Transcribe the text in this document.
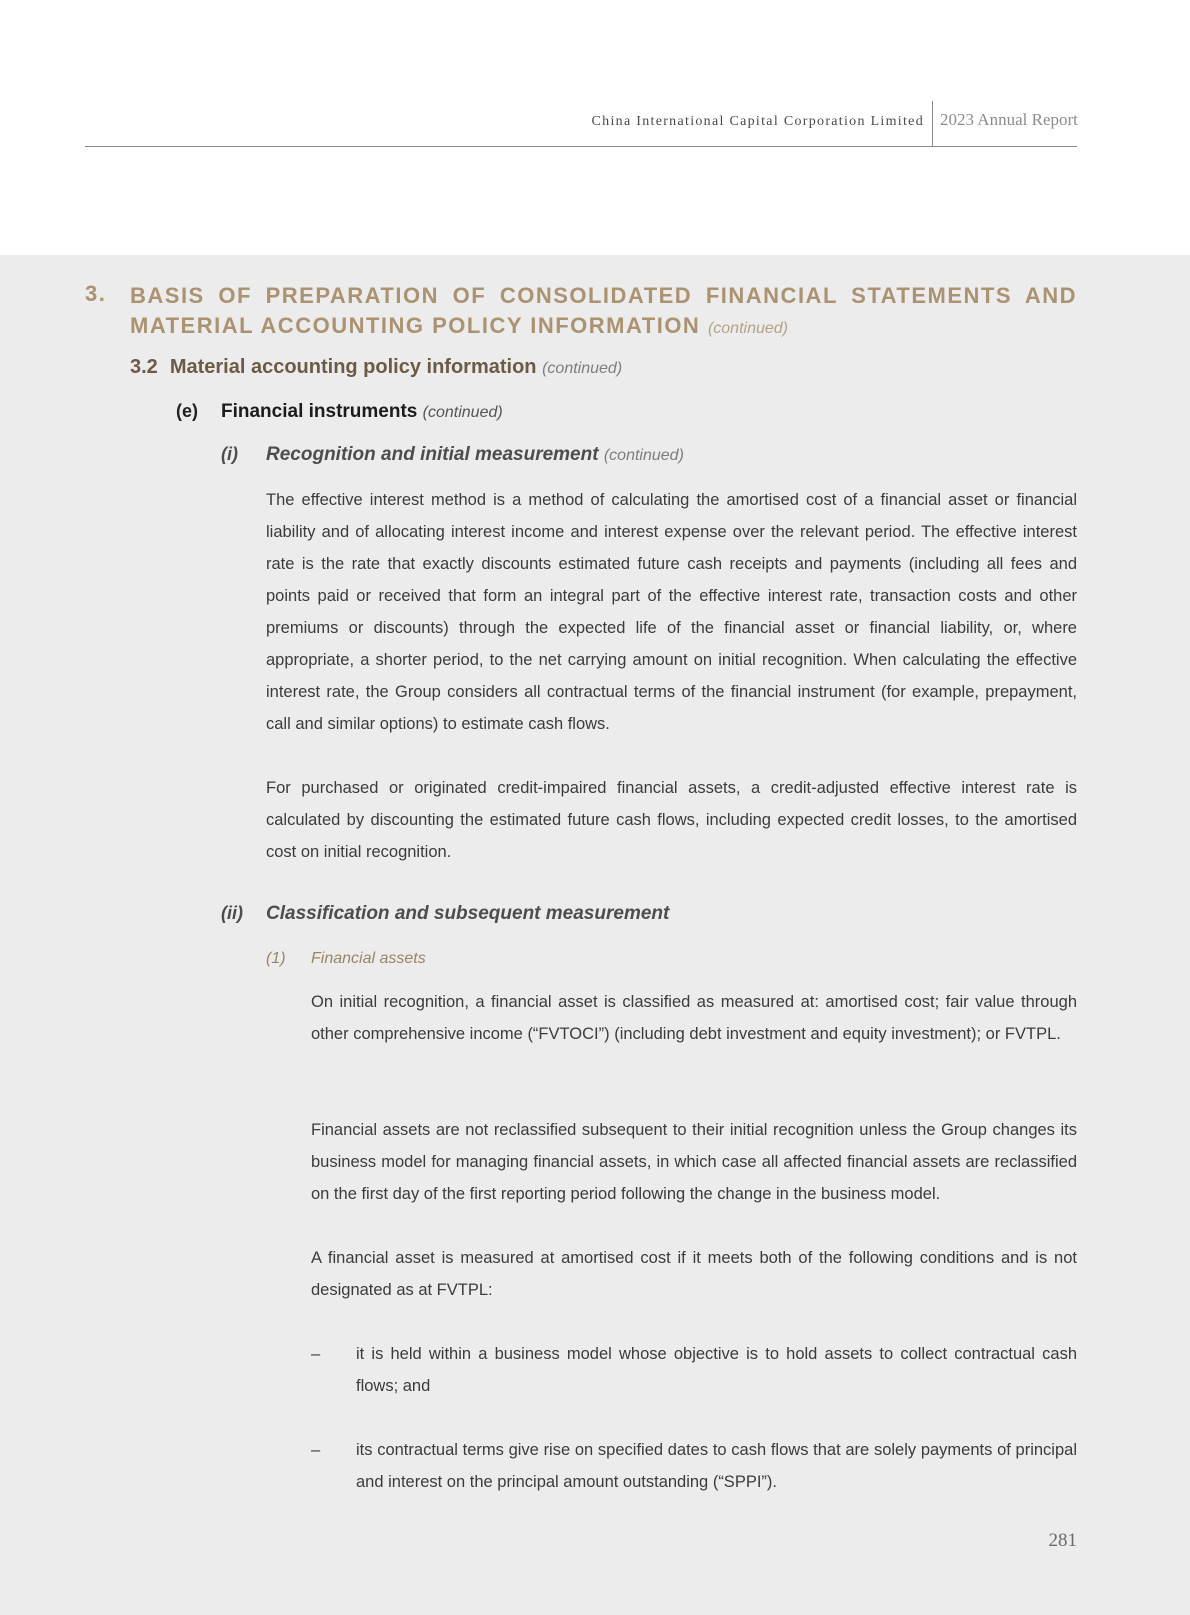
China International Capital Corporation Limited 2023 Annual Report
3. BASIS OF PREPARATION OF CONSOLIDATED FINANCIAL STATEMENTS AND MATERIAL ACCOUNTING POLICY INFORMATION (continued)
3.2 Material accounting policy information (continued)
(e) Financial instruments (continued)
(i) Recognition and initial measurement (continued)

The effective interest method is a method of calculating the amortised cost of a financial asset or financial liability and of allocating interest income and interest expense over the relevant period. The effective interest rate is the rate that exactly discounts estimated future cash receipts and payments (including all fees and points paid or received that form an integral part of the effective interest rate, transaction costs and other premiums or discounts) through the expected life of the financial asset or financial liability, or, where appropriate, a shorter period, to the net carrying amount on initial recognition. When calculating the effective interest rate, the Group considers all contractual terms of the financial instrument (for example, prepayment, call and similar options) to estimate cash flows.

For purchased or originated credit-impaired financial assets, a credit-adjusted effective interest rate is calculated by discounting the estimated future cash flows, including expected credit losses, to the amortised cost on initial recognition.

(ii) Classification and subsequent measurement
(1) Financial assets

On initial recognition, a financial asset is classified as measured at: amortised cost; fair value through other comprehensive income (“FVTOCI”) (including debt investment and equity investment); or FVTPL.

Financial assets are not reclassified subsequent to their initial recognition unless the Group changes its business model for managing financial assets, in which case all affected financial assets are reclassified on the first day of the first reporting period following the change in the business model.

A financial asset is measured at amortised cost if it meets both of the following conditions and is not designated as at FVTPL:

– it is held within a business model whose objective is to hold assets to collect contractual cash flows; and

– its contractual terms give rise on specified dates to cash flows that are solely payments of principal and interest on the principal amount outstanding (“SPPI”).

281
